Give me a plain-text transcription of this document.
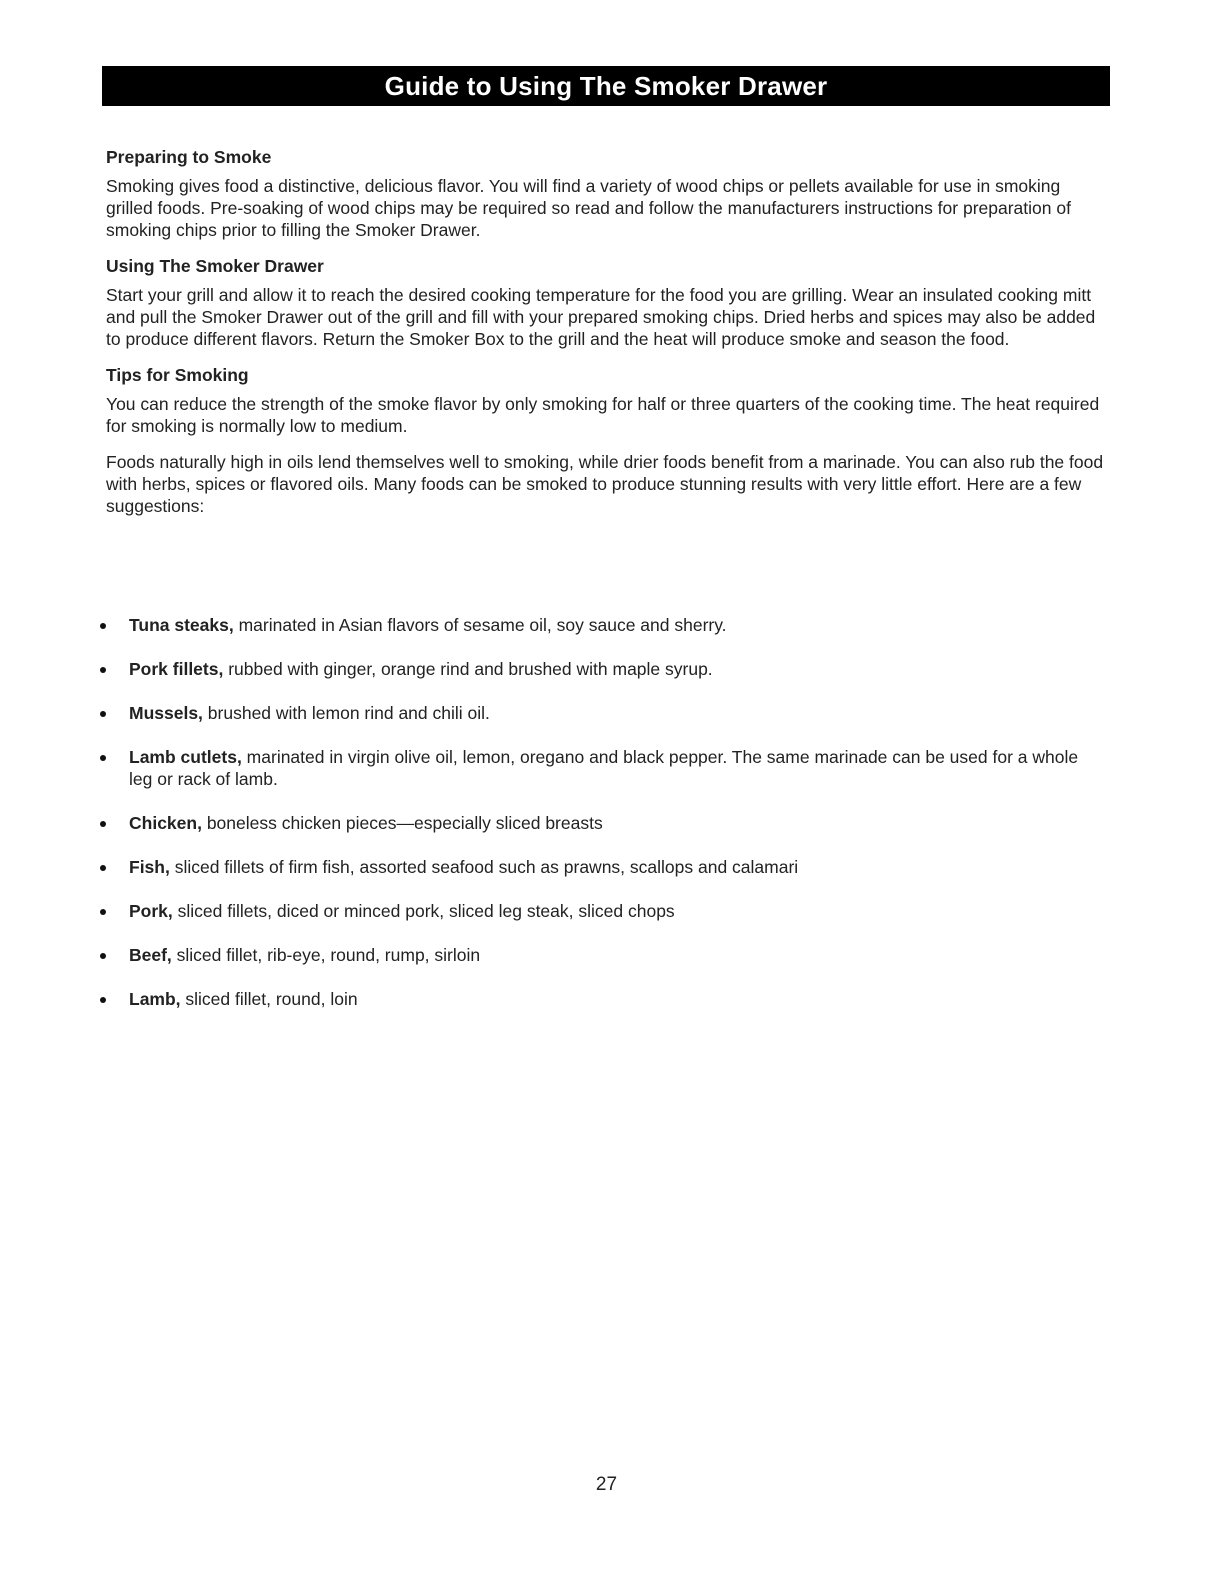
Guide to Using The Smoker Drawer
Preparing to Smoke

Smoking gives food a distinctive, delicious flavor. You will find a variety of wood chips or pellets available for use in smoking grilled foods. Pre-soaking of wood chips may be required so read and follow the manufacturers instructions for preparation of smoking chips prior to filling the Smoker Drawer.

Using The Smoker Drawer

Start your grill and allow it to reach the desired cooking temperature for the food you are grilling. Wear an insulated cooking mitt and pull the Smoker Drawer out of the grill and fill with your prepared smoking chips. Dried herbs and spices may also be added to produce different flavors. Return the Smoker Box to the grill and the heat will produce smoke and season the food.

Tips for Smoking

You can reduce the strength of the smoke flavor by only smoking for half or three quarters of the cooking time. The heat required for smoking is normally low to medium.

Foods naturally high in oils lend themselves well to smoking, while drier foods benefit from a marinade. You can also rub the food with herbs, spices or flavored oils. Many foods can be smoked to produce stunning results with very little effort. Here are a few suggestions:

Tuna steaks, marinated in Asian flavors of sesame oil, soy sauce and sherry.
Pork fillets, rubbed with ginger, orange rind and brushed with maple syrup.
Mussels, brushed with lemon rind and chili oil.
Lamb cutlets, marinated in virgin olive oil, lemon, oregano and black pepper. The same marinade can be used for a whole leg or rack of lamb.
Chicken, boneless chicken pieces—especially sliced breasts
Fish, sliced fillets of firm fish, assorted seafood such as prawns, scallops and calamari
Pork, sliced fillets, diced or minced pork, sliced leg steak, sliced chops
Beef, sliced fillet, rib-eye, round, rump, sirloin
Lamb, sliced fillet, round, loin
27
